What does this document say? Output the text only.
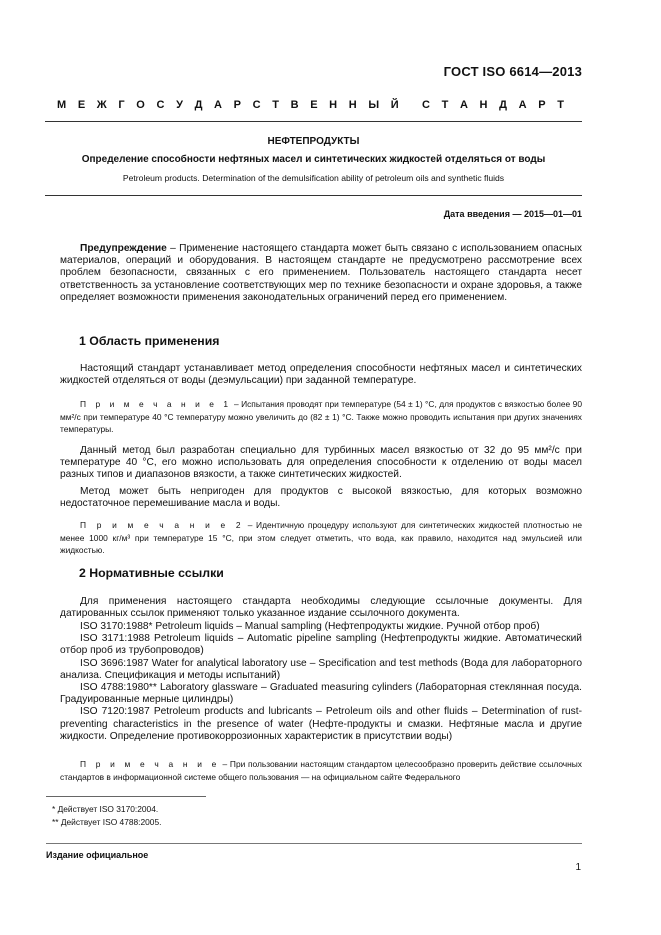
ГОСТ ISO 6614—2013
М Е Ж Г О С У Д А Р С Т В Е Н Н Ы Й С Т А Н Д А Р Т
НЕФТЕПРОДУКТЫ
Определение способности нефтяных масел и синтетических жидкостей отделяться от воды
Petroleum products. Determination of the demulsification ability of petroleum oils and synthetic fluids
Дата введения — 2015—01—01
Предупреждение – Применение настоящего стандарта может быть связано с использованием опасных материалов, операций и оборудования. В настоящем стандарте не предусмотрено рассмотрение всех проблем безопасности, связанных с его применением. Пользователь настоящего стандарта несет ответственность за установление соответствующих мер по технике безопасности и охране здоровья, а также определяет возможности применения законодательных ограничений перед его применением.
1 Область применения
Настоящий стандарт устанавливает метод определения способности нефтяных масел и синтетических жидкостей отделяться от воды (деэмульсации) при заданной температуре.
П р и м е ч а н и е 1 – Испытания проводят при температуре (54 ± 1) °С, для продуктов с вязкостью более 90 мм²/с при температуре 40 °С температуру можно увеличить до (82 ± 1) °С. Также можно проводить испытания при других значениях температуры.
Данный метод был разработан специально для турбинных масел вязкостью от 32 до 95 мм²/с при температуре 40 °С, его можно использовать для определения способности к отделению от воды масел разных типов и диапазонов вязкости, а также синтетических жидкостей.
Метод может быть непригоден для продуктов с высокой вязкостью, для которых возможно недостаточное перемешивание масла и воды.
П р и м е ч а н и е 2 – Идентичную процедуру используют для синтетических жидкостей плотностью не менее 1000 кг/м³ при температуре 15 °С, при этом следует отметить, что вода, как правило, находится над эмульсией или жидкостью.
2 Нормативные ссылки
Для применения настоящего стандарта необходимы следующие ссылочные документы. Для датированных ссылок применяют только указанное издание ссылочного документа.
ISO 3170:1988* Petroleum liquids – Manual sampling (Нефтепродукты жидкие. Ручной отбор проб)
ISO 3171:1988 Petroleum liquids – Automatic pipeline sampling (Нефтепродукты жидкие. Автоматический отбор проб из трубопроводов)
ISO 3696:1987 Water for analytical laboratory use – Specification and test methods (Вода для лабораторного анализа. Спецификация и методы испытаний)
ISO 4788:1980** Laboratory glassware – Graduated measuring cylinders (Лабораторная стеклянная посуда. Градуированные мерные цилиндры)
ISO 7120:1987 Petroleum products and lubricants – Petroleum oils and other fluids – Determination of rust-preventing characteristics in the presence of water (Нефте-продукты и смазки. Нефтяные масла и другие жидкости. Определение противокоррозионных характеристик в присутствии воды)
П р и м е ч а н и е – При пользовании настоящим стандартом целесообразно проверить действие ссылочных стандартов в информационной системе общего пользования — на официальном сайте Федерального
* Действует ISO 3170:2004.
** Действует ISO 4788:2005.
Издание официальное
1
